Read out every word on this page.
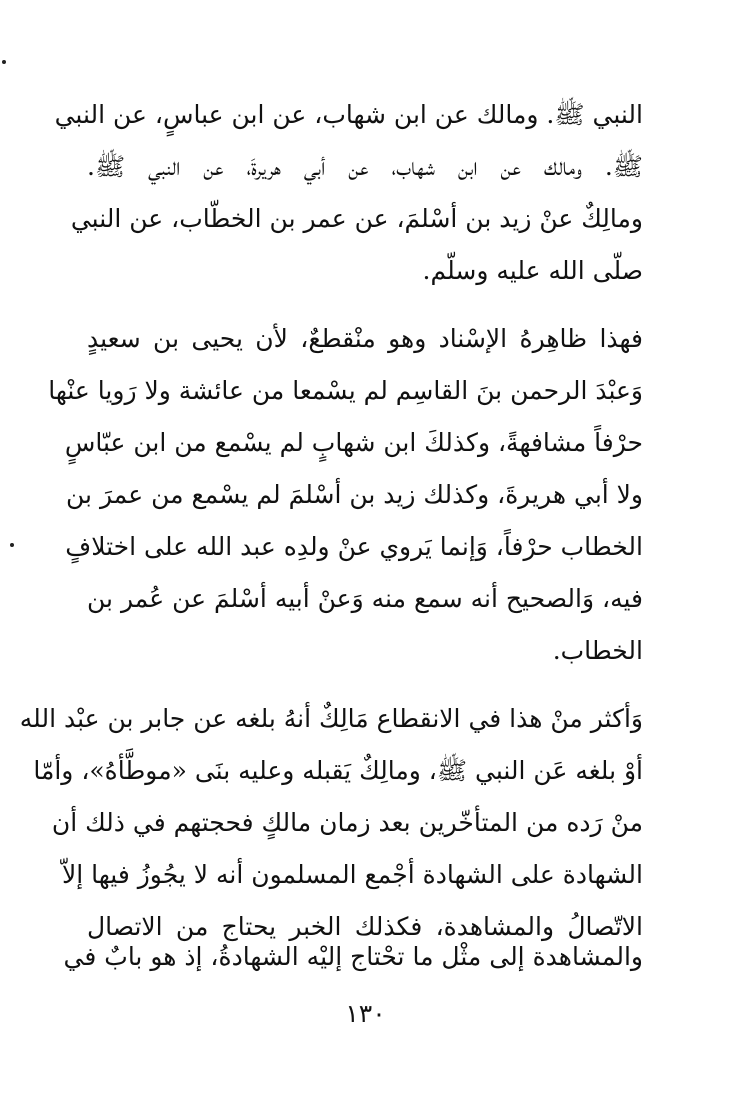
النبي ﷺ. ومالك عن ابن شهاب، عن ابن عباسٍ، عن النبي
ﷺ. ومالك عن ابن شهاب، عن أبي هريرةَ، عن النبي ﷺ.
ومالِكٌ عنْ زيد بن أسْلمَ، عن عمر بن الخطّاب، عن النبي
صلّى الله عليه وسلّم.
فهذا ظاهِرهُ الإسْناد وهو منْقطعٌ، لأن يحيى بن سعيدٍ
وَعبْدَ الرحمن بنَ القاسِم لم يسْمعا من عائشة ولا رَويا عنْها
حرْفاً مشافهةً، وكذلكَ ابن شهابٍ لم يسْمع من ابن عبّاسٍ
ولا أبي هريرةَ، وكذلك زيد بن أسْلمَ لم يسْمع من عمرَ بن
الخطاب حرْفاً، وَإنما يَروي عنْ ولدِه عبد الله على اختلافٍ
فيه، وَالصحيح أنه سمع منه وَعنْ أبيه أسْلمَ عن عُمر بن
الخطاب.
وَأكثر منْ هذا في الانقطاع مَالِكٌ أنهُ بلغه عن جابر بن عبْد الله
أوْ بلغه عَن النبي ﷺ، ومالِكٌ يَقبله وعليه بنَى «موطَّأهُ»، وأمّا
منْ رَده من المتأخّرين بعد زمان مالكٍ فحجتهم في ذلك أن
الشهادة على الشهادة أجْمع المسلمون أنه لا يجُوزُ فيها إلاّ
الاتّصالُ والمشاهدة، فكذلك الخبر يحتاج من الاتصال
والمشاهدة إلى مثْل ما تحْتاج إليْه الشهادةُ، إذ هو بابٌ في
١٣٠
